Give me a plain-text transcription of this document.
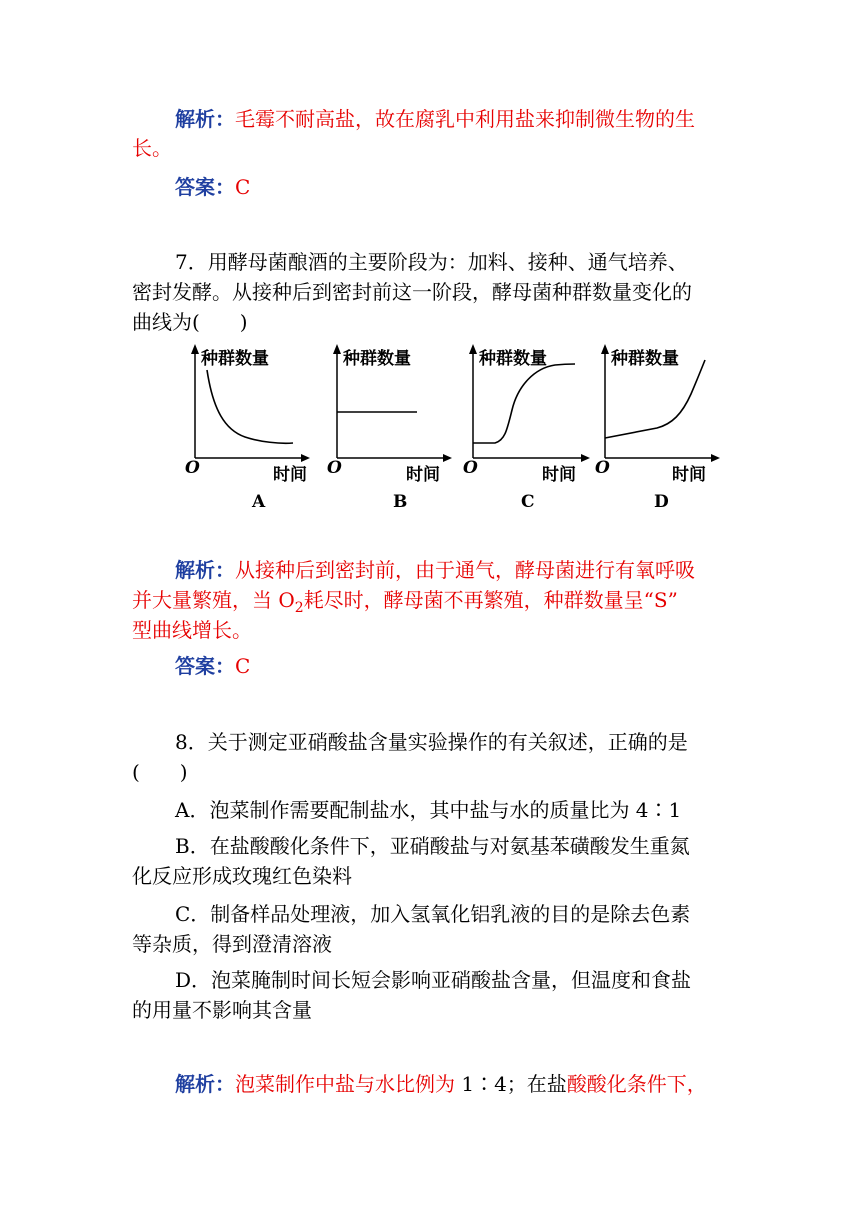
解析：毛霉不耐高盐，故在腐乳中利用盐来抑制微生物的生
长。
答案：C
7．用酵母菌酿酒的主要阶段为：加料、接种、通气培养、
密封发酵。从接种后到密封前这一阶段，酵母菌种群数量变化的
曲线为(　　)
种群数量
O	时间
A
种群数量
O	时间
B
种群数量
O	时间
C
种群数量
O	时间
D
解析：从接种后到密封前，由于通气，酵母菌进行有氧呼吸
并大量繁殖，当 $O_2$耗尽时，酵母菌不再繁殖，种群数量呈“S”
型曲线增长。
答案：C
8．关于测定亚硝酸盐含量实验操作的有关叙述，正确的是
(　　)
A．泡菜制作需要配制盐水，其中盐与水的质量比为 4∶1
B．在盐酸酸化条件下，亚硝酸盐与对氨基苯磺酸发生重氮
化反应形成玫瑰红色染料
C．制备样品处理液，加入氢氧化铝乳液的目的是除去色素
等杂质，得到澄清溶液
D．泡菜腌制时间长短会影响亚硝酸盐含量，但温度和食盐
的用量不影响其含量
解析：泡菜制作中盐与水比例为 1∶4；在盐酸酸化条件下，
